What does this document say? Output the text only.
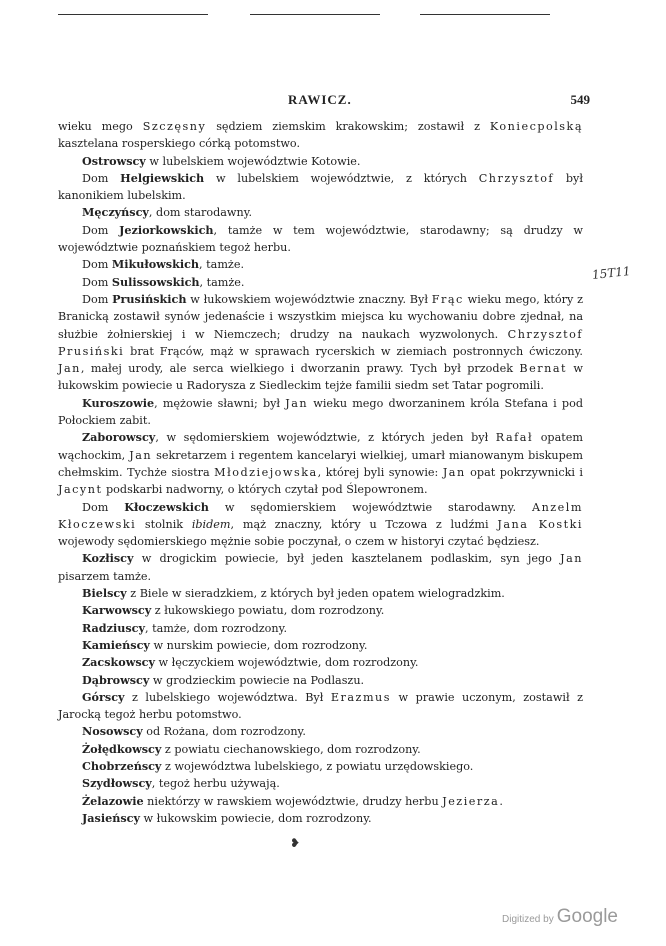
RAWICZ.	549
15T11

wieku mego Szczęsny sędziem ziemskim krakowskim; zostawił z Koniecpolską kasztelana rosperskiego córką potomstwo.

Ostrowscy w lubelskiem województwie Kotowie.

Dom Helgiewskich w lubelskiem województwie, z których Chrzysztof był kanonikiem lubelskim.

Męczyńscy, dom starodawny.

Dom Jeziorkowskich, tamże w tem województwie, starodawny; są drudzy w województwie poznańskiem tegoż herbu.

Dom Mikułowskich, tamże.

Dom Sulissowskich, tamże.

Dom Prusińskich w łukowskiem województwie znaczny. Był Frąc wieku mego, który z Branicką zostawił synów jedenaście i wszystkim miejsca ku wychowaniu dobre zjednał, na służbie żołnierskiej i w Niemczech; drudzy na naukach wyzwolonych. Chrzysztof Prusiński brat Frąców, mąż w sprawach rycerskich w ziemiach postronnych ćwiczony. Jan, małej urody, ale serca wielkiego i dworzanin prawy. Tych był przodek Bernat w łukowskim powiecie u Radorysza z Siedleckim tejże familii siedm set Tatar pogromili.

Kuroszowie, mężowie sławni; był Jan wieku mego dworzaninem króla Stefana i pod Połockiem zabit.

Zaborowscy, w sędomierskiem województwie, z których jeden był Rafał opatem wąchockim, Jan sekretarzem i regentem kancelaryi wielkiej, umarł mianowanym biskupem chełmskim. Tychże siostra Młodziejowska, której byli synowie: Jan opat pokrzywnicki i Jacynt podskarbi nadworny, o których czytał pod Ślepowronem.

Dom Kłoczewskich w sędomierskiem województwie starodawny. Anzelm Kłoczewski stolnik ibidem, mąż znaczny, który u Tczowa z ludźmi Jana Kostki wojewody sędomierskiego mężnie sobie poczynał, o czem w historyi czytać będziesz.

Kozłiscy w drogickim powiecie, był jeden kasztelanem podlaskim, syn jego Jan pisarzem tamże.

Bielscy z Biele w sieradzkiem, z których był jeden opatem wielogradzkim.

Karwowscy z łukowskiego powiatu, dom rozrodzony.

Radziuscy, tamże, dom rozrodzony.

Kamieńscy w nurskim powiecie, dom rozrodzony.

Zacskowscy w łęczyckiem województwie, dom rozrodzony.

Dąbrowscy w grodzieckim powiecie na Podlaszu.

Górscy z lubelskiego województwa. Był Erazmus w prawie uczonym, zostawił z Jarocką tegoż herbu potomstwo.

Nosowscy od Rożana, dom rozrodzony.

Żołędkowscy z powiatu ciechanowskiego, dom rozrodzony.

Chobrzeńscy z województwa lubelskiego, z powiatu urzędowskiego.

Szydłowscy, tegoż herbu używają.

Żelazowie niektórzy w rawskiem województwie, drudzy herbu Jezierza.

Jasieńscy w łukowskim powiecie, dom rozrodzony.

❥
Digitized by Google
